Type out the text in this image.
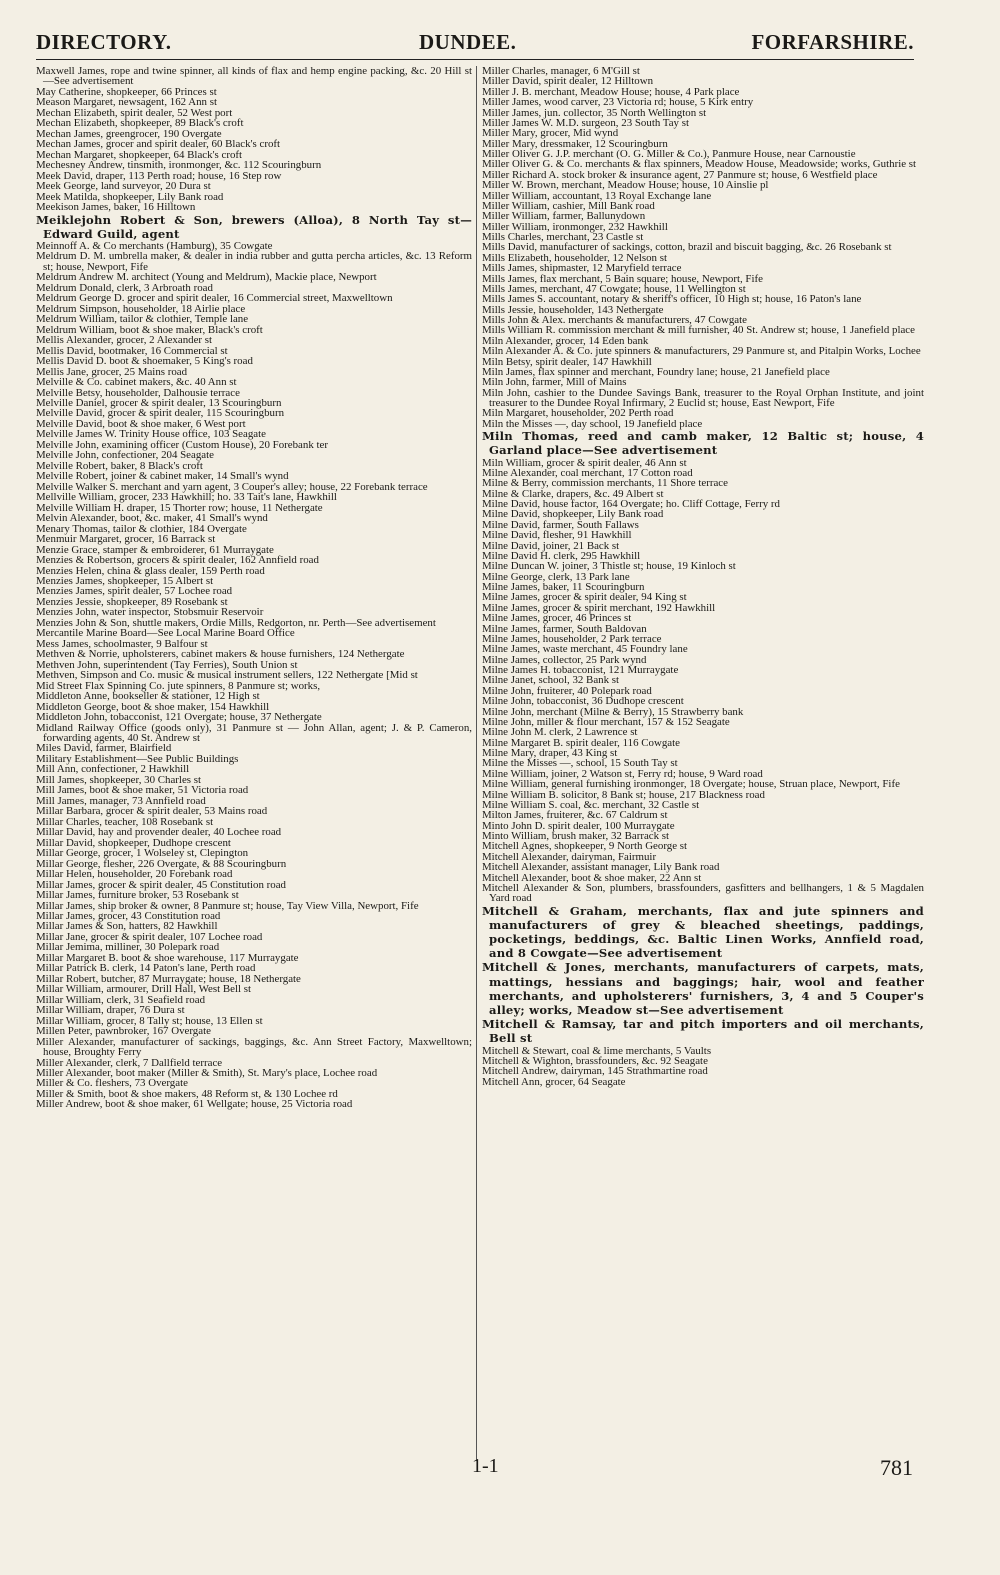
DIRECTORY.	DUNDEE.	FORFARSHIRE.

Maxwell James, rope and twine spinner, all kinds of flax and hemp engine packing, &c. 20 Hill st—See advertisement

May Catherine, shopkeeper, 66 Princes st

Meason Margaret, newsagent, 162 Ann st

Mechan Elizabeth, spirit dealer, 52 West port

Mechan Elizabeth, shopkeeper, 89 Black's croft

Mechan James, greengrocer, 190 Overgate

Mechan James, grocer and spirit dealer, 60 Black's croft

Mechan Margaret, shopkeeper, 64 Black's croft

Mechesney Andrew, tinsmith, ironmonger, &c. 112 Scouringburn

Meek David, draper, 113 Perth road; house, 16 Step row

Meek George, land surveyor, 20 Dura st

Meek Matilda, shopkeeper, Lily Bank road

Meekison James, baker, 16 Hilltown

Meiklejohn Robert & Son, brewers (Alloa), 8 North Tay st—Edward Guild, agent

Meinnoff A. & Co merchants (Hamburg), 35 Cowgate

Meldrum D. M. umbrella maker, & dealer in india rubber and gutta percha articles, &c. 13 Reform st; house, Newport, Fife

Meldrum Andrew M. architect (Young and Meldrum), Mackie place, Newport

Meldrum Donald, clerk, 3 Arbroath road

Meldrum George D. grocer and spirit dealer, 16 Commercial street, Maxwelltown

Meldrum Simpson, householder, 18 Airlie place

Meldrum William, tailor & clothier, Temple lane

Meldrum William, boot & shoe maker, Black's croft

Mellis Alexander, grocer, 2 Alexander st

Mellis David, bootmaker, 16 Commercial st

Mellis David D. boot & shoemaker, 5 King's road

Mellis Jane, grocer, 25 Mains road

Melville & Co. cabinet makers, &c. 40 Ann st

Melville Betsy, householder, Dalhousie terrace

Melville Daniel, grocer & spirit dealer, 13 Scouringburn

Melville David, grocer & spirit dealer, 115 Scouringburn

Melville David, boot & shoe maker, 6 West port

Melville James W. Trinity House office, 103 Seagate

Melville John, examining officer (Custom House), 20 Forebank ter

Melville John, confectioner, 204 Seagate

Melville Robert, baker, 8 Black's croft

Melville Robert, joiner & cabinet maker, 14 Small's wynd

Melville Walker S. merchant and yarn agent, 3 Couper's alley; house, 22 Forebank terrace

Mellville William, grocer, 233 Hawkhill; ho. 33 Tait's lane, Hawkhill

Melville William H. draper, 15 Thorter row; house, 11 Nethergate

Melvin Alexander, boot, &c. maker, 41 Small's wynd

Menary Thomas, tailor & clothier, 184 Overgate

Menmuir Margaret, grocer, 16 Barrack st

Menzie Grace, stamper & embroiderer, 61 Murraygate

Menzies & Robertson, grocers & spirit dealer, 162 Annfield road

Menzies Helen, china & glass dealer, 159 Perth road

Menzies James, shopkeeper, 15 Albert st

Menzies James, spirit dealer, 57 Lochee road

Menzies Jessie, shopkeeper, 89 Rosebank st

Menzies John, water inspector, Stobsmuir Reservoir

Menzies John & Son, shuttle makers, Ordie Mills, Redgorton, nr. Perth—See advertisement

Mercantile Marine Board—See Local Marine Board Office

Mess James, schoolmaster, 9 Balfour st

Methven & Norrie, upholsterers, cabinet makers & house furnishers, 124 Nethergate

Methven John, superintendent (Tay Ferries), South Union st

Methven, Simpson and Co. music & musical instrument sellers, 122 Nethergate [Mid st

Mid Street Flax Spinning Co. jute spinners, 8 Panmure st; works,

Middleton Anne, bookseller & stationer, 12 High st

Middleton George, boot & shoe maker, 154 Hawkhill

Middleton John, tobacconist, 121 Overgate; house, 37 Nethergate

Midland Railway Office (goods only), 31 Panmure st — John Allan, agent; J. & P. Cameron, forwarding agents, 40 St. Andrew st

Miles David, farmer, Blairfield

Military Establishment—See Public Buildings

Mill Ann, confectioner, 2 Hawkhill

Mill James, shopkeeper, 30 Charles st

Mill James, boot & shoe maker, 51 Victoria road

Mill James, manager, 73 Annfield road

Millar Barbara, grocer & spirit dealer, 53 Mains road

Millar Charles, teacher, 108 Rosebank st

Millar David, hay and provender dealer, 40 Lochee road

Millar David, shopkeeper, Dudhope crescent

Millar George, grocer, 1 Wolseley st, Clepington

Millar George, flesher, 226 Overgate, & 88 Scouringburn

Millar Helen, householder, 20 Forebank road

Millar James, grocer & spirit dealer, 45 Constitution road

Millar James, furniture broker, 53 Rosebank st

Millar James, ship broker & owner, 8 Panmure st; house, Tay View Villa, Newport, Fife

Millar James, grocer, 43 Constitution road

Millar James & Son, hatters, 82 Hawkhill

Millar Jane, grocer & spirit dealer, 107 Lochee road

Millar Jemima, milliner, 30 Polepark road

Millar Margaret B. boot & shoe warehouse, 117 Murraygate

Millar Patrick B. clerk, 14 Paton's lane, Perth road

Millar Robert, butcher, 87 Murraygate; house, 18 Nethergate

Millar William, armourer, Drill Hall, West Bell st

Millar William, clerk, 31 Seafield road

Millar William, draper, 76 Dura st

Millar William, grocer, 8 Tally st; house, 13 Ellen st

Millen Peter, pawnbroker, 167 Overgate

Miller Alexander, manufacturer of sackings, baggings, &c. Ann Street Factory, Maxwelltown; house, Broughty Ferry

Miller Alexander, clerk, 7 Dallfield terrace

Miller Alexander, boot maker (Miller & Smith), St. Mary's place, Lochee road

Miller & Co. fleshers, 73 Overgate

Miller & Smith, boot & shoe makers, 48 Reform st, & 130 Lochee rd

Miller Andrew, boot & shoe maker, 61 Wellgate; house, 25 Victoria road

Miller Charles, manager, 6 M'Gill st

Miller David, spirit dealer, 12 Hilltown

Miller J. B. merchant, Meadow House; house, 4 Park place

Miller James, wood carver, 23 Victoria rd; house, 5 Kirk entry

Miller James, jun. collector, 35 North Wellington st

Miller James W. M.D. surgeon, 23 South Tay st

Miller Mary, grocer, Mid wynd

Miller Mary, dressmaker, 12 Scouringburn

Miller Oliver G. J.P. merchant (O. G. Miller & Co.), Panmure House, near Carnoustie

Miller Oliver G. & Co. merchants & flax spinners, Meadow House, Meadowside; works, Guthrie st

Miller Richard A. stock broker & insurance agent, 27 Panmure st; house, 6 Westfield place

Miller W. Brown, merchant, Meadow House; house, 10 Ainslie pl

Miller William, accountant, 13 Royal Exchange lane

Miller William, cashier, Mill Bank road

Miller William, farmer, Ballunydown

Miller William, ironmonger, 232 Hawkhill

Mills Charles, merchant, 23 Castle st

Mills David, manufacturer of sackings, cotton, brazil and biscuit bagging, &c. 26 Rosebank st

Mills Elizabeth, householder, 12 Nelson st

Mills James, shipmaster, 12 Maryfield terrace

Mills James, flax merchant, 5 Bain square; house, Newport, Fife

Mills James, merchant, 47 Cowgate; house, 11 Wellington st

Mills James S. accountant, notary & sheriff's officer, 10 High st; house, 16 Paton's lane

Mills Jessie, householder, 143 Nethergate

Mills John & Alex. merchants & manufacturers, 47 Cowgate

Mills William R. commission merchant & mill furnisher, 40 St. Andrew st; house, 1 Janefield place

Miln Alexander, grocer, 14 Eden bank

Miln Alexander A. & Co. jute spinners & manufacturers, 29 Panmure st, and Pitalpin Works, Lochee

Miln Betsy, spirit dealer, 147 Hawkhill

Miln James, flax spinner and merchant, Foundry lane; house, 21 Janefield place

Miln John, farmer, Mill of Mains

Miln John, cashier to the Dundee Savings Bank, treasurer to the Royal Orphan Institute, and joint treasurer to the Dundee Royal Infirmary, 2 Euclid st; house, East Newport, Fife

Miln Margaret, householder, 202 Perth road

Miln the Misses —, day school, 19 Janefield place

Miln Thomas, reed and camb maker, 12 Baltic st; house, 4 Garland place—See advertisement

Miln William, grocer & spirit dealer, 46 Ann st

Milne Alexander, coal merchant, 17 Cotton road

Milne & Berry, commission merchants, 11 Shore terrace

Milne & Clarke, drapers, &c. 49 Albert st

Milne David, house factor, 164 Overgate; ho. Cliff Cottage, Ferry rd

Milne David, shopkeeper, Lily Bank road

Milne David, farmer, South Fallaws

Milne David, flesher, 91 Hawkhill

Milne David, joiner, 21 Back st

Milne David H. clerk, 295 Hawkhill

Milne Duncan W. joiner, 3 Thistle st; house, 19 Kinloch st

Milne George, clerk, 13 Park lane

Milne James, baker, 11 Scouringburn

Milne James, grocer & spirit dealer, 94 King st

Milne James, grocer & spirit merchant, 192 Hawkhill

Milne James, grocer, 46 Princes st

Milne James, farmer, South Baldovan

Milne James, householder, 2 Park terrace

Milne James, waste merchant, 45 Foundry lane

Milne James, collector, 25 Park wynd

Milne James H. tobacconist, 121 Murraygate

Milne Janet, school, 32 Bank st

Milne John, fruiterer, 40 Polepark road

Milne John, tobacconist, 36 Dudhope crescent

Milne John, merchant (Milne & Berry), 15 Strawberry bank

Milne John, miller & flour merchant, 157 & 152 Seagate

Milne John M. clerk, 2 Lawrence st

Milne Margaret B. spirit dealer, 116 Cowgate

Milne Mary, draper, 43 King st

Milne the Misses —, school, 15 South Tay st

Milne William, joiner, 2 Watson st, Ferry rd; house, 9 Ward road

Milne William, general furnishing ironmonger, 18 Overgate; house, Struan place, Newport, Fife

Milne William B. solicitor, 8 Bank st; house, 217 Blackness road

Milne William S. coal, &c. merchant, 32 Castle st

Milton James, fruiterer, &c. 67 Caldrum st

Minto John D. spirit dealer, 100 Murraygate

Minto William, brush maker, 32 Barrack st

Mitchell Agnes, shopkeeper, 9 North George st

Mitchell Alexander, dairyman, Fairmuir

Mitchell Alexander, assistant manager, Lily Bank road

Mitchell Alexander, boot & shoe maker, 22 Ann st

Mitchell Alexander & Son, plumbers, brassfounders, gasfitters and bellhangers, 1 & 5 Magdalen Yard road

Mitchell & Graham, merchants, flax and jute spinners and manufacturers of grey & bleached sheetings, paddings, pocketings, beddings, &c. Baltic Linen Works, Annfield road, and 8 Cowgate—See advertisement

Mitchell & Jones, merchants, manufacturers of carpets, mats, mattings, hessians and baggings; hair, wool and feather merchants, and upholsterers' furnishers, 3, 4 and 5 Couper's alley; works, Meadow st—See advertisement

Mitchell & Ramsay, tar and pitch importers and oil merchants, Bell st

Mitchell & Stewart, coal & lime merchants, 5 Vaults

Mitchell & Wighton, brassfounders, &c. 92 Seagate

Mitchell Andrew, dairyman, 145 Strathmartine road

Mitchell Ann, grocer, 64 Seagate

1-1	781
